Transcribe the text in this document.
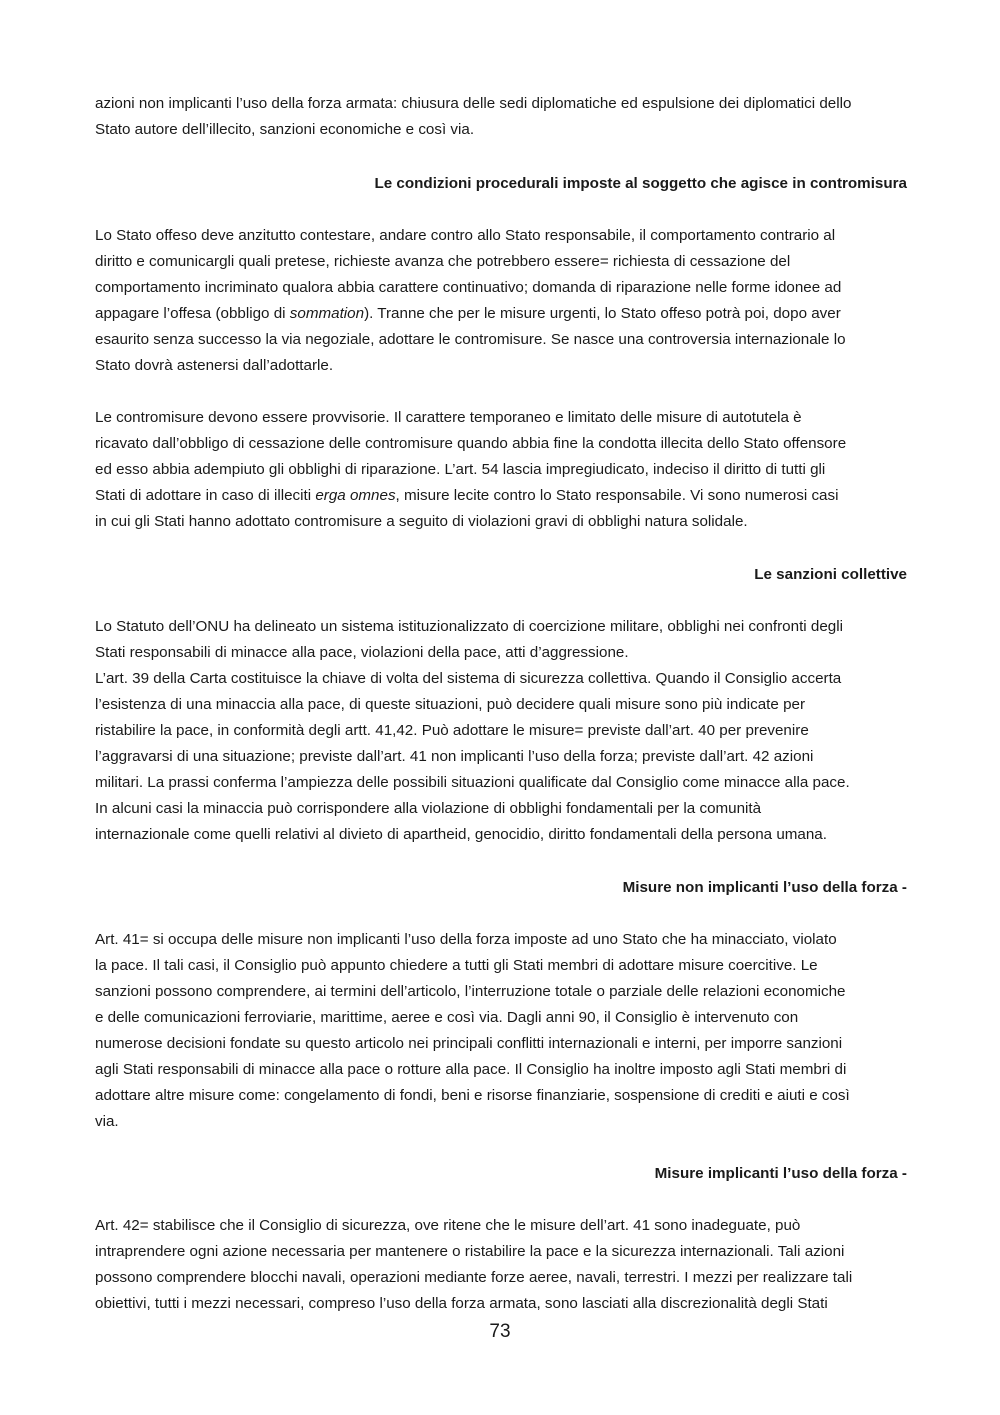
azioni non implicanti l’uso della forza armata: chiusura delle sedi diplomatiche ed espulsione dei diplomatici dello
Stato autore dell’illecito, sanzioni economiche e così via.
Le condizioni procedurali imposte al soggetto che agisce in contromisura
Lo Stato offeso deve anzitutto contestare, andare contro allo Stato responsabile, il comportamento contrario al
diritto e comunicargli quali pretese, richieste avanza che potrebbero essere= richiesta di cessazione del
comportamento incriminato qualora abbia carattere continuativo; domanda di riparazione nelle forme idonee ad
appagare l’offesa (obbligo di sommation). Tranne che per le misure urgenti, lo Stato offeso potrà poi, dopo aver
esaurito senza successo la via negoziale, adottare le contromisure. Se nasce una controversia internazionale lo
Stato dovrà astenersi dall’adottarle.
Le contromisure devono essere provvisorie. Il carattere temporaneo e limitato delle misure di autotutela è
ricavato dall’obbligo di cessazione delle contromisure quando abbia fine la condotta illecita dello Stato offensore
ed esso abbia adempiuto gli obblighi di riparazione. L’art. 54 lascia impregiudicato, indeciso il diritto di tutti gli
Stati di adottare in caso di illeciti erga omnes, misure lecite contro lo Stato responsabile. Vi sono numerosi casi
in cui gli Stati hanno adottato contromisure a seguito di violazioni gravi di obblighi natura solidale.
Le sanzioni collettive
Lo Statuto dell’ONU ha delineato un sistema istituzionalizzato di coercizione militare, obblighi nei confronti degli
Stati responsabili di minacce alla pace, violazioni della pace, atti d’aggressione.
L’art. 39 della Carta costituisce la chiave di volta del sistema di sicurezza collettiva. Quando il Consiglio accerta
l’esistenza di una minaccia alla pace, di queste situazioni, può decidere quali misure sono più indicate per
ristabilire la pace, in conformità degli artt. 41,42. Può adottare le misure= previste dall’art. 40 per prevenire
l’aggravarsi di una situazione; previste dall’art. 41 non implicanti l’uso della forza; previste dall’art. 42 azioni
militari. La prassi conferma l’ampiezza delle possibili situazioni qualificate dal Consiglio come minacce alla pace.
In alcuni casi la minaccia può corrispondere alla violazione di obblighi fondamentali per la comunità
internazionale come quelli relativi al divieto di apartheid, genocidio, diritto fondamentali della persona umana.
Misure non implicanti l’uso della forza -
Art. 41= si occupa delle misure non implicanti l’uso della forza imposte ad uno Stato che ha minacciato, violato
la pace. Il tali casi, il Consiglio può appunto chiedere a tutti gli Stati membri di adottare misure coercitive. Le
sanzioni possono comprendere, ai termini dell’articolo, l’interruzione totale o parziale delle relazioni economiche
e delle comunicazioni ferroviarie, marittime, aeree e così via. Dagli anni 90, il Consiglio è intervenuto con
numerose decisioni fondate su questo articolo nei principali conflitti internazionali e interni, per imporre sanzioni
agli Stati responsabili di minacce alla pace o rotture alla pace. Il Consiglio ha inoltre imposto agli Stati membri di
adottare altre misure come: congelamento di fondi, beni e risorse finanziarie, sospensione di crediti e aiuti e così
via.
Misure implicanti l’uso della forza -
Art. 42= stabilisce che il Consiglio di sicurezza, ove ritene che le misure dell’art. 41 sono inadeguate, può
intraprendere ogni azione necessaria per mantenere o ristabilire la pace e la sicurezza internazionali. Tali azioni
possono comprendere blocchi navali, operazioni mediante forze aeree, navali, terrestri. I mezzi per realizzare tali
obiettivi, tutti i mezzi necessari, compreso l’uso della forza armata, sono lasciati alla discrezionalità degli Stati
73
